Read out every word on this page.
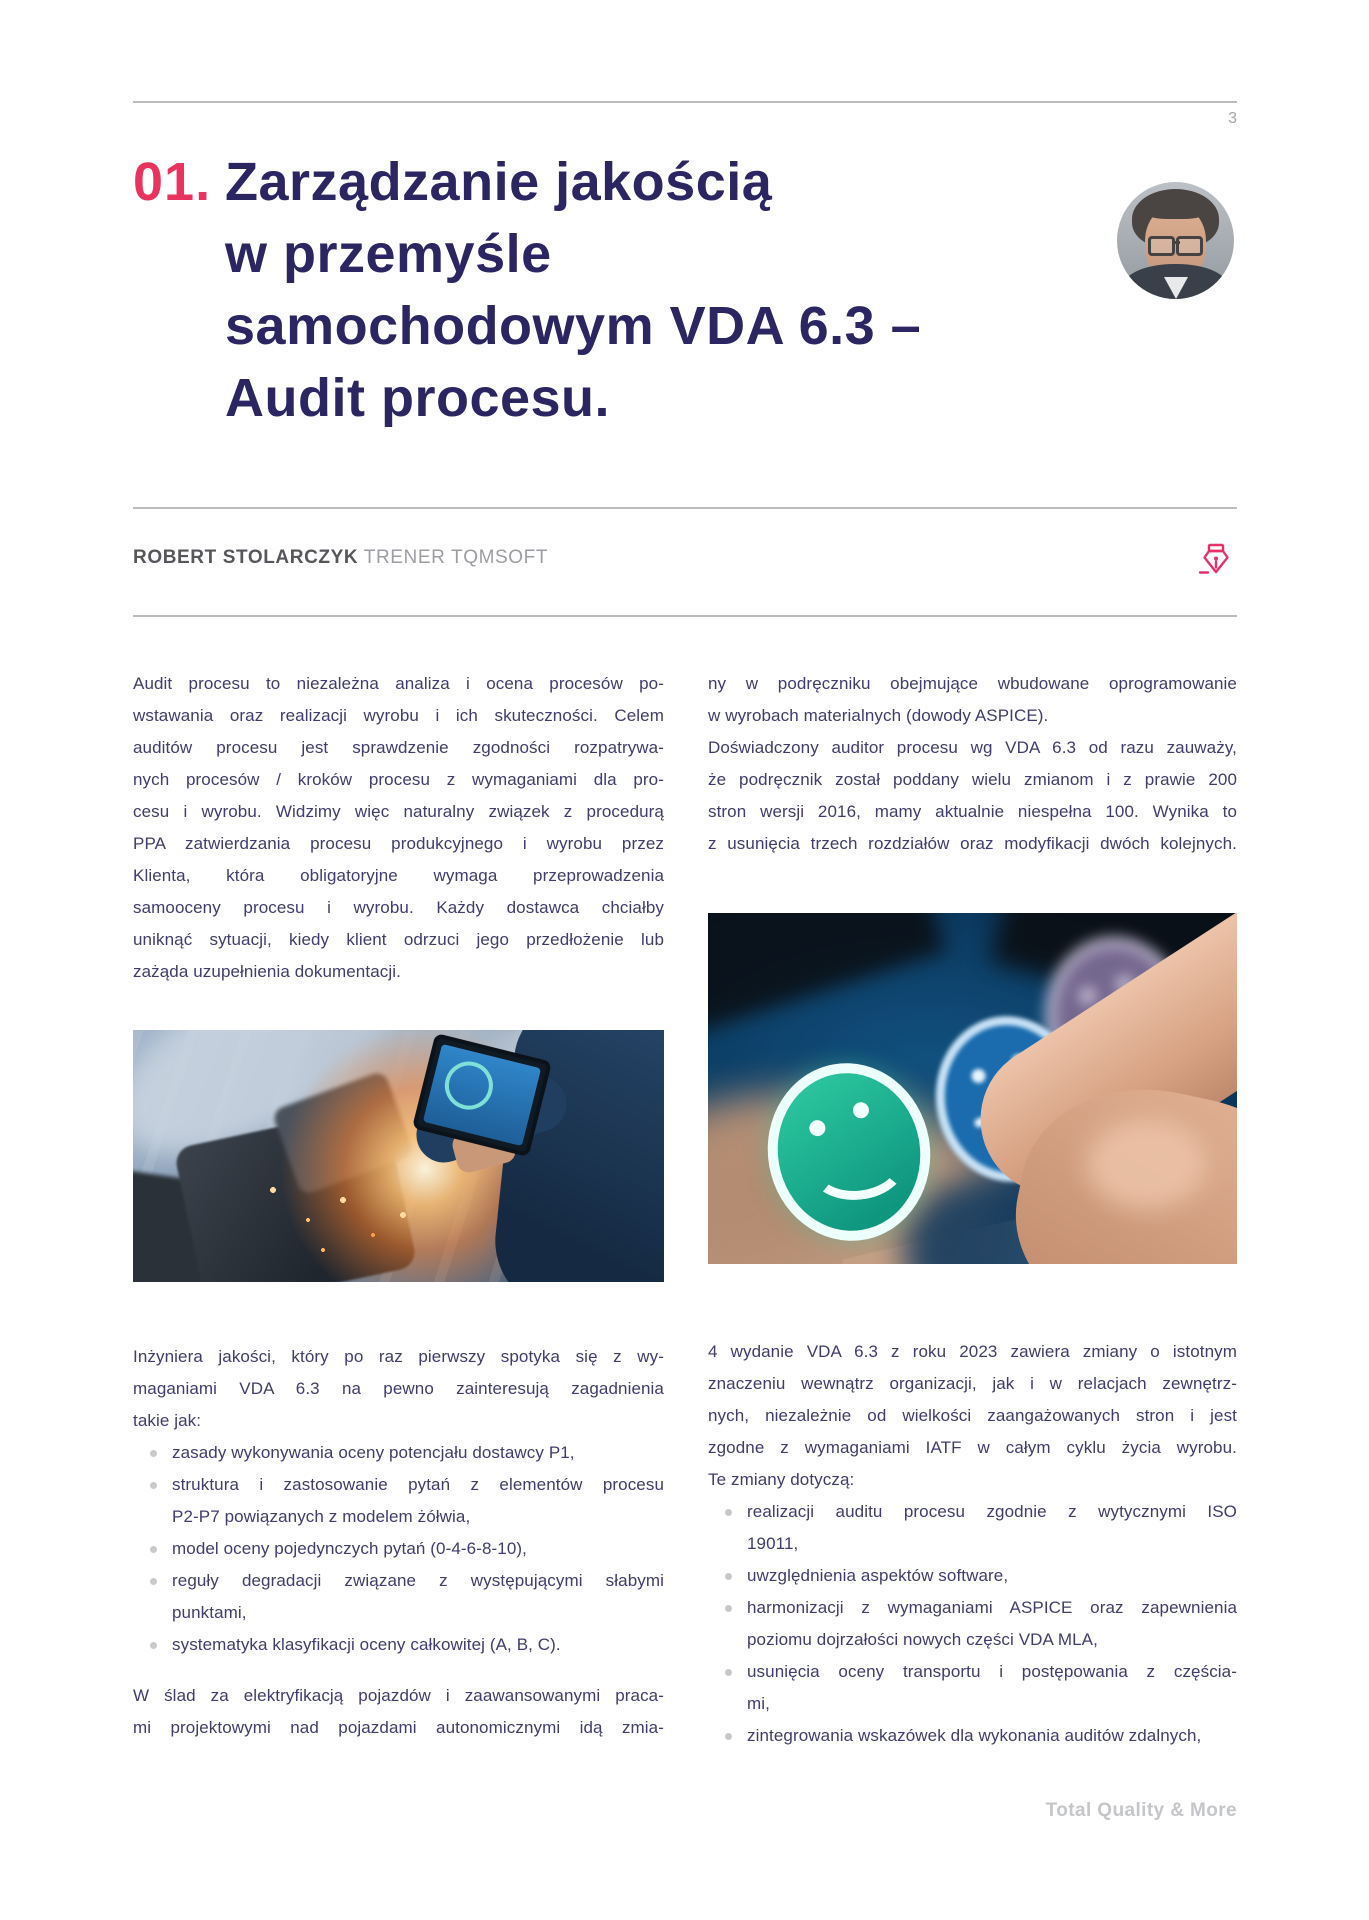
3
01. Zarządzanie jakością
w przemyśle
samochodowym VDA 6.3 –
Audit procesu.
ROBERT STOLARCZYK TRENER TQMSOFT
Audit procesu to niezależna analiza i ocena procesów po-
wstawania oraz realizacji wyrobu i ich skuteczności. Celem
auditów procesu jest sprawdzenie zgodności rozpatrywa-
nych procesów / kroków procesu z wymaganiami dla pro-
cesu i wyrobu. Widzimy więc naturalny związek z procedurą
PPA zatwierdzania procesu produkcyjnego i wyrobu przez
Klienta, która obligatoryjne wymaga przeprowadzenia
samooceny procesu i wyrobu. Każdy dostawca chciałby
uniknąć sytuacji, kiedy klient odrzuci jego przedłożenie lub
zażąda uzupełnienia dokumentacji.
Inżyniera jakości, który po raz pierwszy spotyka się z wy-
maganiami VDA 6.3 na pewno zainteresują zagadnienia
takie jak:
zasady wykonywania oceny potencjału dostawcy P1,
struktura i zastosowanie pytań z elementów procesu
P2-P7 powiązanych z modelem żółwia,
model oceny pojedynczych pytań (0-4-6-8-10),
reguły degradacji związane z występującymi słabymi
punktami,
systematyka klasyfikacji oceny całkowitej (A, B, C).
W ślad za elektryfikacją pojazdów i zaawansowanymi praca-
mi projektowymi nad pojazdami autonomicznymi idą zmia-
ny w podręczniku obejmujące wbudowane oprogramowanie
w wyrobach materialnych (dowody ASPICE).
Doświadczony auditor procesu wg VDA 6.3 od razu zauważy,
że podręcznik został poddany wielu zmianom i z prawie 200
stron wersji 2016, mamy aktualnie niespełna 100. Wynika to
z usunięcia trzech rozdziałów oraz modyfikacji dwóch kolejnych.
4 wydanie VDA 6.3 z roku 2023 zawiera zmiany o istotnym
znaczeniu wewnątrz organizacji, jak i w relacjach zewnętrz-
nych, niezależnie od wielkości zaangażowanych stron i jest
zgodne z wymaganiami IATF w całym cyklu życia wyrobu.
Te zmiany dotyczą:
realizacji auditu procesu zgodnie z wytycznymi ISO
19011,
uwzględnienia aspektów software,
harmonizacji z wymaganiami ASPICE oraz zapewnienia
poziomu dojrzałości nowych części VDA MLA,
usunięcia oceny transportu i postępowania z częścia-
mi,
zintegrowania wskazówek dla wykonania auditów zdalnych,
Total Quality & More
